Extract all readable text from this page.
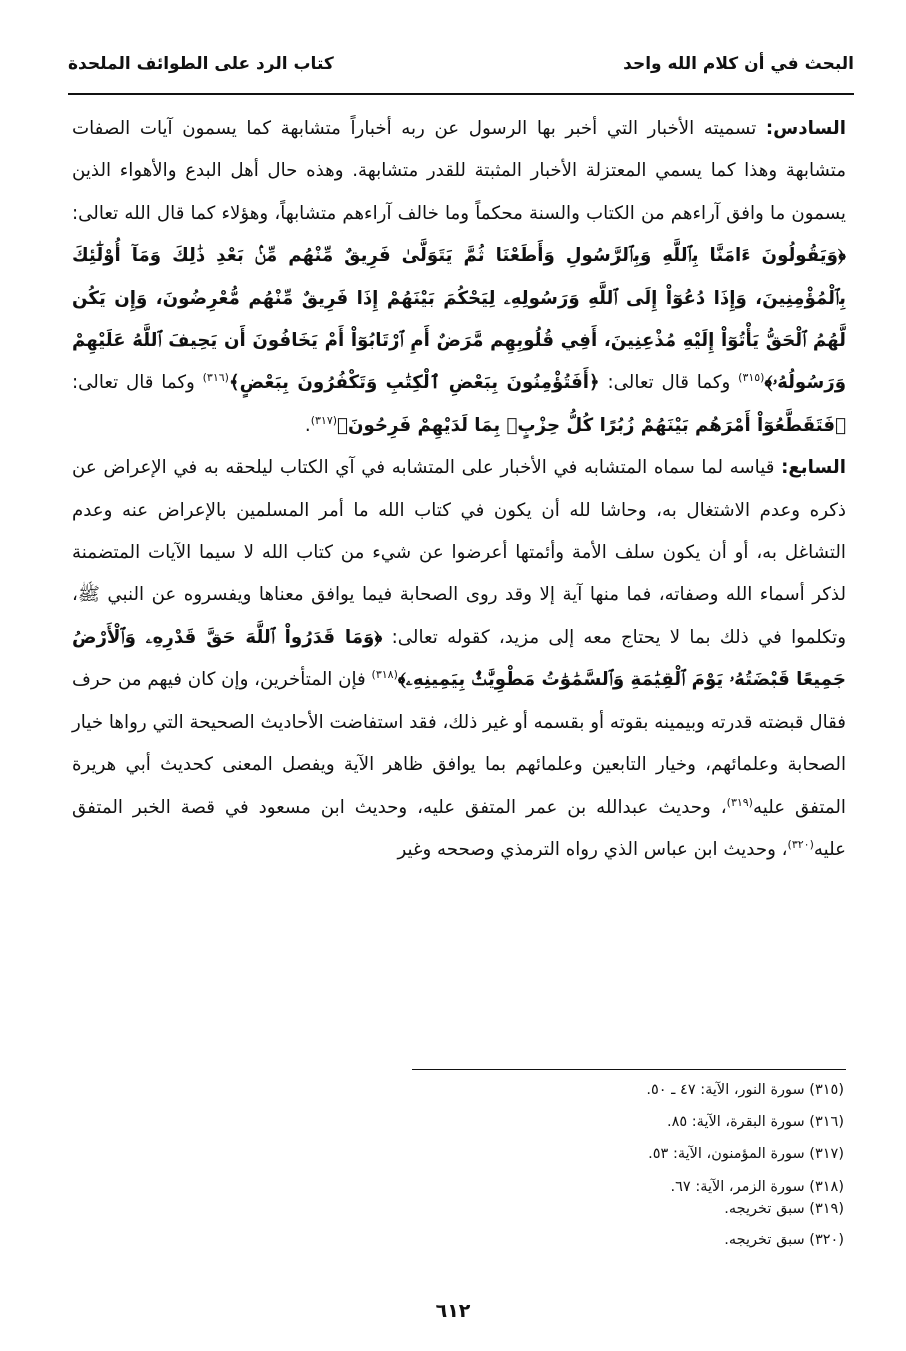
البحث في أن كلام الله واحد
كتاب الرد على الطوائف الملحدة

السادس: تسميته الأخبار التي أخبر بها الرسول عن ربه أخباراً متشابهة كما يسمون آيات الصفات متشابهة وهذا كما يسمي المعتزلة الأخبار المثبتة للقدر متشابهة. وهذه حال أهل البدع والأهواء الذين يسمون ما وافق آراءهم من الكتاب والسنة محكماً وما خالف آراءهم متشابهاً، وهؤلاء كما قال الله تعالى: ﴿وَيَقُولُونَ ءَامَنَّا بِٱللَّهِ وَبِٱلرَّسُولِ وَأَطَعْنَا ثُمَّ يَتَوَلَّىٰ فَرِيقٌ مِّنْهُم مِّنۢ بَعْدِ ذَٰلِكَ وَمَآ أُوْلَٰٓئِكَ بِٱلْمُؤْمِنِينَ، وَإِذَا دُعُوٓاْ إِلَى ٱللَّهِ وَرَسُولِهِۦ لِيَحْكُمَ بَيْنَهُمْ إِذَا فَرِيقٌ مِّنْهُم مُّعْرِضُونَ، وَإِن يَكُن لَّهُمُ ٱلْحَقُّ يَأْتُوٓاْ إِلَيْهِ مُذْعِنِينَ، أَفِي قُلُوبِهِم مَّرَضٌ أَمِ ٱرْتَابُوٓاْ أَمْ يَخَافُونَ أَن يَحِيفَ ٱللَّهُ عَلَيْهِمْ وَرَسُولُهُۥ﴾$^{(٣١٥)}$ وكما قال تعالى: ﴿أَفَتُؤْمِنُونَ بِبَعْضِ ٱلْكِتَٰبِ وَتَكْفُرُونَ بِبَعْضٍ﴾$^{(٣١٦)}$ وكما قال تعالى: ﴿فَتَقَطَّعُوٓاْ أَمْرَهُم بَيْنَهُمْ زُبُرًا كُلُّ حِزْبٍۭ بِمَا لَدَيْهِمْ فَرِحُونَ﴾$^{(٣١٧)}$.

السابع: قياسه لما سماه المتشابه في الأخبار على المتشابه في آي الكتاب ليلحقه به في الإعراض عن ذكره وعدم الاشتغال به، وحاشا لله أن يكون في كتاب الله ما أمر المسلمين بالإعراض عنه وعدم التشاغل به، أو أن يكون سلف الأمة وأئمتها أعرضوا عن شيء من كتاب الله لا سيما الآيات المتضمنة لذكر أسماء الله وصفاته، فما منها آية إلا وقد روى الصحابة فيما يوافق معناها ويفسروه عن النبي ﷺ، وتكلموا في ذلك بما لا يحتاج معه إلى مزيد، كقوله تعالى: ﴿وَمَا قَدَرُواْ ٱللَّهَ حَقَّ قَدْرِهِۦ وَٱلْأَرْضُ جَمِيعًا قَبْضَتُهُۥ يَوْمَ ٱلْقِيَٰمَةِ وَٱلسَّمَٰوَٰتُ مَطْوِيَّٰتٌۢ بِيَمِينِهِۦ﴾$^{(٣١٨)}$ فإن المتأخرين، وإن كان فيهم من حرف فقال قبضته قدرته وبيمينه بقوته أو بقسمه أو غير ذلك، فقد استفاضت الأحاديث الصحيحة التي رواها خيار الصحابة وعلمائهم، وخيار التابعين وعلمائهم بما يوافق ظاهر الآية ويفصل المعنى كحديث أبي هريرة المتفق عليه$^{(٣١٩)}$، وحديث عبدالله بن عمر المتفق عليه، وحديث ابن مسعود في قصة الخبر المتفق عليه$^{(٣٢٠)}$، وحديث ابن عباس الذي رواه الترمذي وصححه وغير

(٣١٥) سورة النور، الآية: ٤٧ ـ ٥٠.
(٣١٦) سورة البقرة، الآية: ٨٥.
(٣١٧) سورة المؤمنون، الآية: ٥٣.
(٣١٨) سورة الزمر، الآية: ٦٧.
(٣١٩) سبق تخريجه.
(٣٢٠) سبق تخريجه.
٦١٢
